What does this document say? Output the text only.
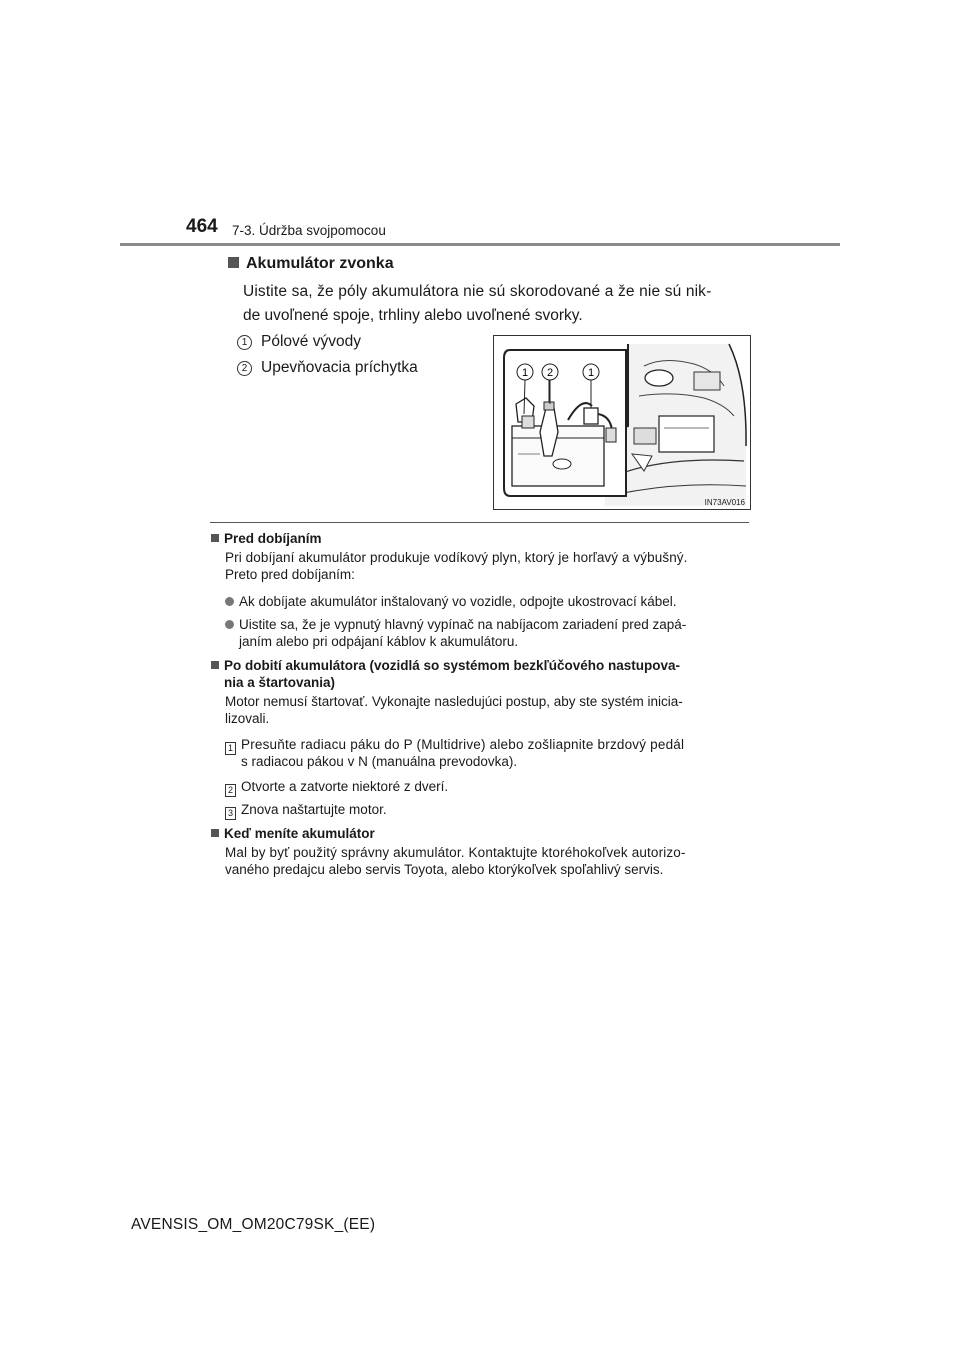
464 7-3. Údržba svojpomocou
Akumulátor zvonka
Uistite sa, že póly akumulátora nie sú skorodované a že nie sú nik-
de uvoľnené spoje, trhliny alebo uvoľnené svorky.
1 Pólové vývody
2 Upevňovacia príchytka	1 2	1
IN73AV016
Pred dobíjaním
Pri dobíjaní akumulátor produkuje vodíkový plyn, ktorý je horľavý a výbušný.
Preto pred dobíjaním:
Ak dobíjate akumulátor inštalovaný vo vozidle, odpojte ukostrovací kábel.
Uistite sa, že je vypnutý hlavný vypínač na nabíjacom zariadení pred zapá-
janím alebo pri odpájaní káblov k akumulátoru.
Po dobití akumulátora (vozidlá so systémom bezkľúčového nastupova-
nia a štartovania)
Motor nemusí štartovať. Vykonajte nasledujúci postup, aby ste systém inicia-
lizovali.
1 Presuňte radiacu páku do P (Multidrive) alebo zošliapnite brzdový pedál
s radiacou pákou v N (manuálna prevodovka).
2 Otvorte a zatvorte niektoré z dverí.
3 Znova naštartujte motor.
Keď meníte akumulátor
Mal by byť použitý správny akumulátor. Kontaktujte ktoréhokoľvek autorizo-
vaného predajcu alebo servis Toyota, alebo ktorýkoľvek spoľahlivý servis.
AVENSIS_OM_OM20C79SK_(EE)
